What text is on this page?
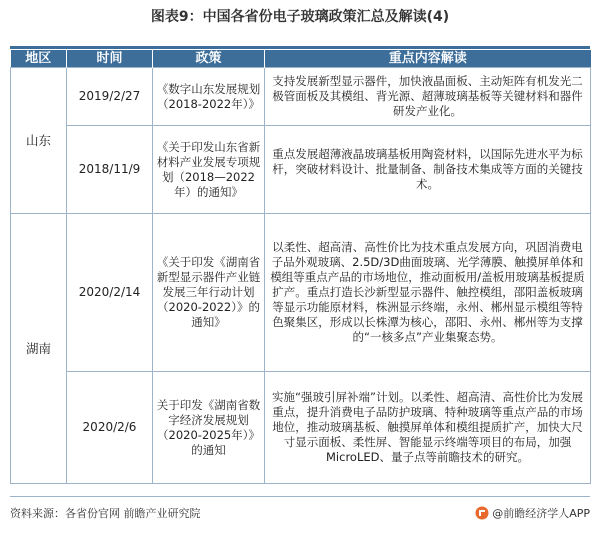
图表9：中国各省份电子玻璃政策汇总及解读(4)
地区	时间	政策	重点内容解读
山东	2019/2/27	《数字山东发展规划（2018-2022年）》	支持发展新型显示器件，加快液晶面板、主动矩阵有机发光二极管面板及其模组、背光源、超薄玻璃基板等关键材料和器件研发产业化。
	2018/11/9	《关于印发山东省新材料产业发展专项规划（2018—2022年）的通知》	重点发展超薄液晶玻璃基板用陶瓷材料，以国际先进水平为标杆，突破材料设计、批量制备、制备技术集成等方面的关键技术。
湖南	2020/2/14	《关于印发《湖南省新型显示器件产业链发展三年行动计划（2020-2022）》的通知》	以柔性、超高清、高性价比为技术重点发展方向，巩固消费电子品外观玻璃、2.5D/3D曲面玻璃、光学薄膜、触摸屏单体和模组等重点产品的市场地位，推动面板用/盖板用玻璃基板提质扩产。重点打造长沙新型显示器件、触控模组，邵阳盖板玻璃等显示功能原材料，株洲显示终端，永州、郴州显示模组等特色聚集区，形成以长株潭为核心，邵阳、永州、郴州等为支撑的“一核多点”产业集聚态势。
	2020/2/6	关于印发《湖南省数字经济发展规划（2020-2025年）》的通知	实施“强玻引屏补端”计划。以柔性、超高清、高性价比为发展重点，提升消费电子品防护玻璃、特种玻璃等重点产品的市场地位，推动玻璃基板、触摸屏单体和模组提质扩产，加快大尺寸显示面板、柔性屏、智能显示终端等项目的布局，加强MicroLED、量子点等前瞻技术的研究。
资料来源：各省份官网 前瞻产业研究院	@前瞻经济学人APP
